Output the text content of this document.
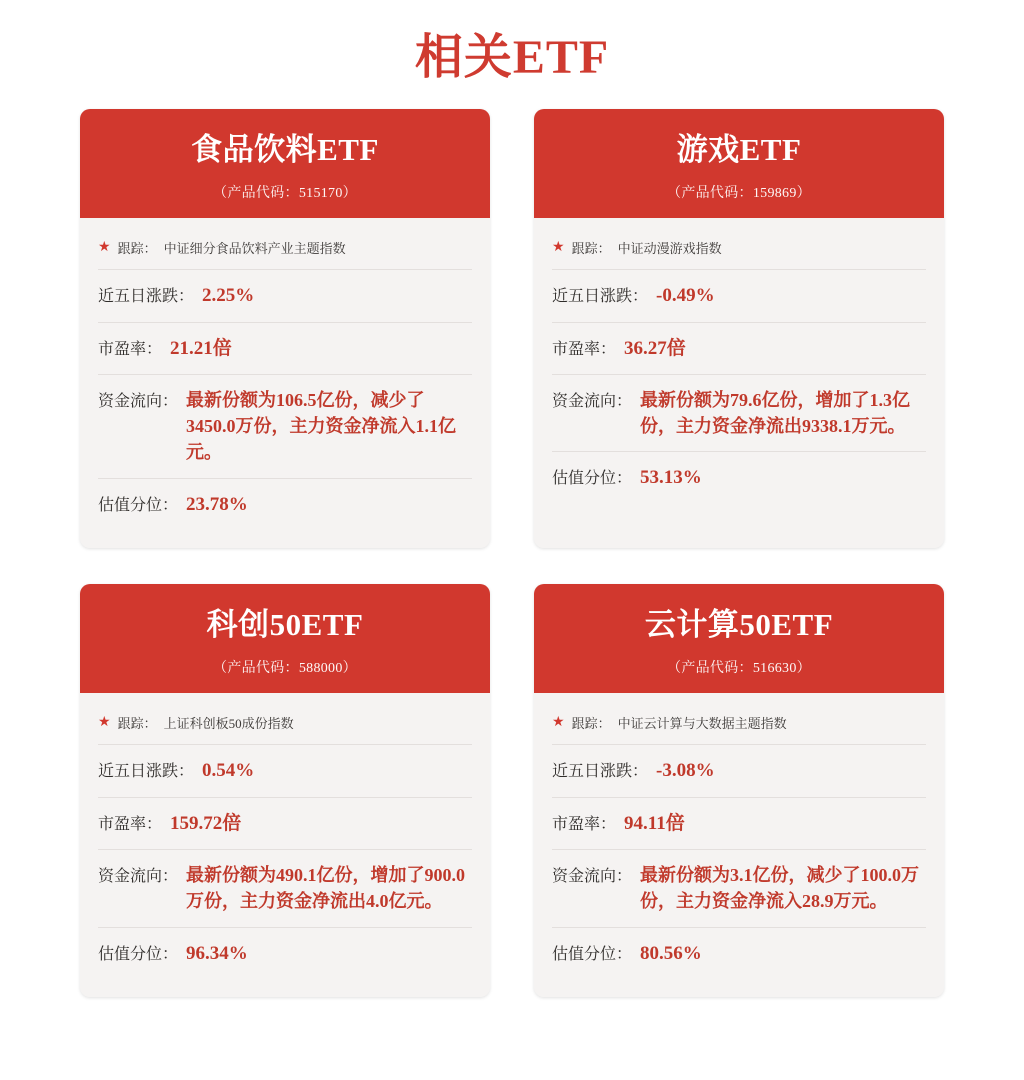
相关ETF
食品饮料ETF
（产品代码：515170）
★ 跟踪： 中证细分食品饮料产业主题指数
近五日涨跌： 2.25%
市盈率： 21.21倍
资金流向： 最新份额为106.5亿份，减少了3450.0万份，主力资金净流入1.1亿元。
估值分位： 23.78%
游戏ETF
（产品代码：159869）
★ 跟踪： 中证动漫游戏指数
近五日涨跌： -0.49%
市盈率： 36.27倍
资金流向： 最新份额为79.6亿份，增加了1.3亿份，主力资金净流出9338.1万元。
估值分位： 53.13%
科创50ETF
（产品代码：588000）
★ 跟踪： 上证科创板50成份指数
近五日涨跌： 0.54%
市盈率： 159.72倍
资金流向： 最新份额为490.1亿份，增加了900.0万份，主力资金净流出4.0亿元。
估值分位： 96.34%
云计算50ETF
（产品代码：516630）
★ 跟踪： 中证云计算与大数据主题指数
近五日涨跌： -3.08%
市盈率： 94.11倍
资金流向： 最新份额为3.1亿份，减少了100.0万份，主力资金净流入28.9万元。
估值分位： 80.56%
